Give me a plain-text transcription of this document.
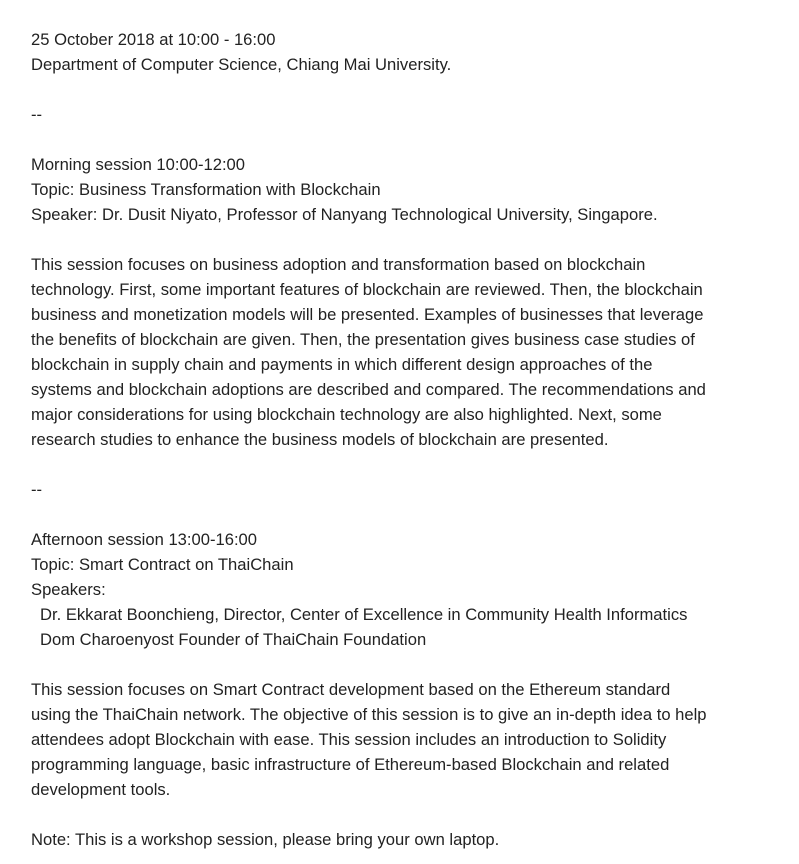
25 October 2018 at 10:00 - 16:00
Department of Computer Science, Chiang Mai University.
--
Morning session 10:00-12:00
Topic: Business Transformation with Blockchain
Speaker: Dr. Dusit Niyato, Professor of Nanyang Technological University, Singapore.
This session focuses on business adoption and transformation based on blockchain
technology. First, some important features of blockchain are reviewed. Then, the blockchain
business and monetization models will be presented. Examples of businesses that leverage
the benefits of blockchain are given. Then, the presentation gives business case studies of
blockchain in supply chain and payments in which different design approaches of the
systems and blockchain adoptions are described and compared. The recommendations and
major considerations for using blockchain technology are also highlighted. Next, some
research studies to enhance the business models of blockchain are presented.
--
Afternoon session 13:00-16:00
Topic: Smart Contract on ThaiChain
Speakers:
Dr. Ekkarat Boonchieng, Director, Center of Excellence in Community Health Informatics
Dom Charoenyost Founder of ThaiChain Foundation
This session focuses on Smart Contract development based on the Ethereum standard
using the ThaiChain network. The objective of this session is to give an in-depth idea to help
attendees adopt Blockchain with ease. This session includes an introduction to Solidity
programming language, basic infrastructure of Ethereum-based Blockchain and related
development tools.
Note: This is a workshop session, please bring your own laptop.
